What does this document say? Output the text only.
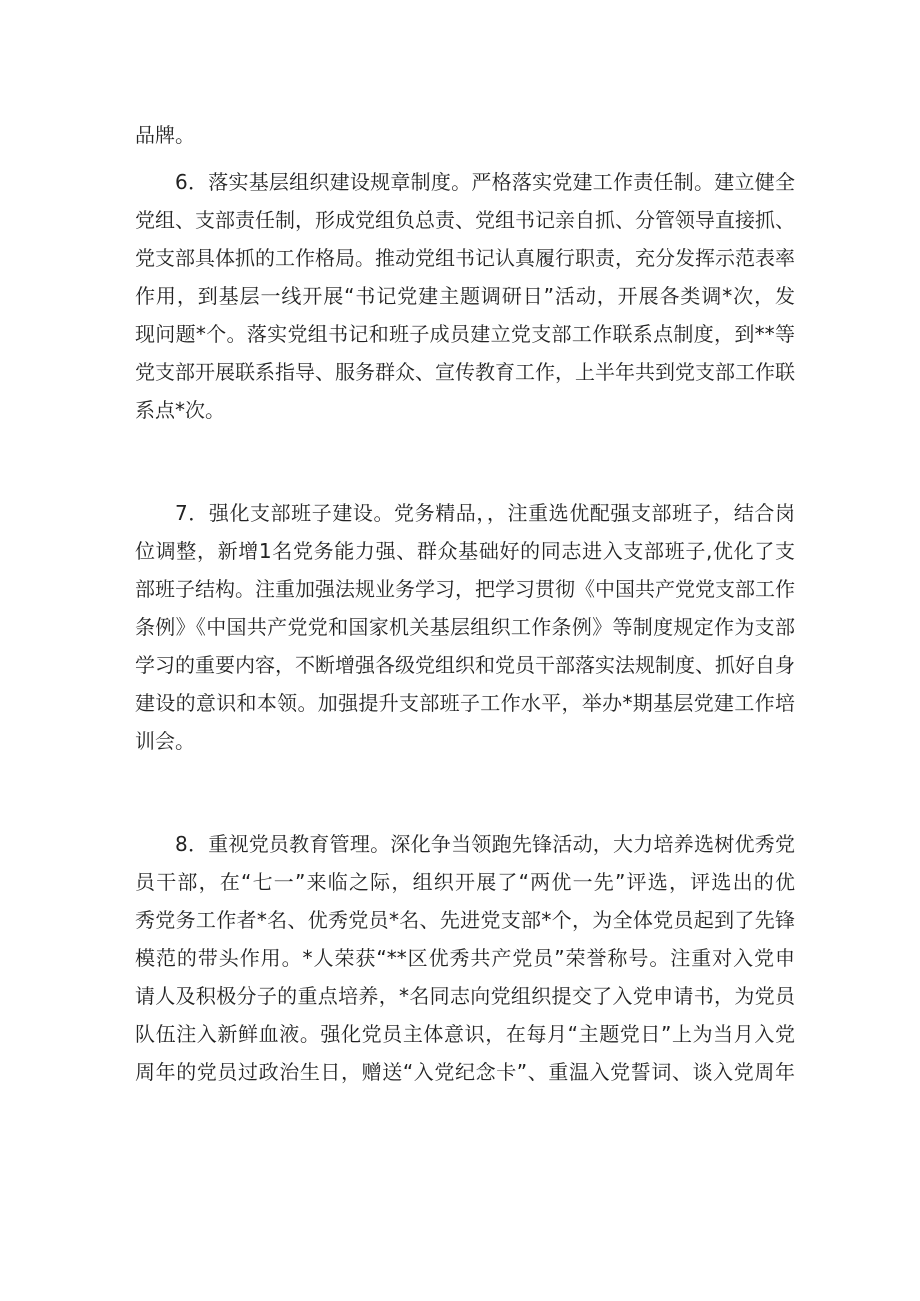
品牌。
6．落实基层组织建设规章制度。严格落实党建工作责任制。建立健全
党组、支部责任制，形成党组负总责、党组书记亲自抓、分管领导直接抓、
党支部具体抓的工作格局。推动党组书记认真履行职责，充分发挥示范表率
作用，到基层一线开展“书记党建主题调研日”活动，开展各类调*次，发
现问题*个。落实党组书记和班子成员建立党支部工作联系点制度，到**等
党支部开展联系指导、服务群众、宣传教育工作，上半年共到党支部工作联
系点*次。
7．强化支部班子建设。党务精品，，注重选优配强支部班子，结合岗
位调整，新增1名党务能力强、群众基础好的同志进入支部班子,优化了支
部班子结构。注重加强法规业务学习，把学习贯彻《中国共产党党支部工作
条例》《中国共产党党和国家机关基层组织工作条例》等制度规定作为支部
学习的重要内容，不断增强各级党组织和党员干部落实法规制度、抓好自身
建设的意识和本领。加强提升支部班子工作水平，举办*期基层党建工作培
训会。
8．重视党员教育管理。深化争当领跑先锋活动，大力培养选树优秀党
员干部，在“七一”来临之际，组织开展了“两优一先”评选，评选出的优
秀党务工作者*名、优秀党员*名、先进党支部*个，为全体党员起到了先锋
模范的带头作用。*人荣获“**区优秀共产党员”荣誉称号。注重对入党申
请人及积极分子的重点培养，*名同志向党组织提交了入党申请书，为党员
队伍注入新鲜血液。强化党员主体意识，在每月“主题党日”上为当月入党
周年的党员过政治生日，赠送“入党纪念卡”、重温入党誓词、谈入党周年
